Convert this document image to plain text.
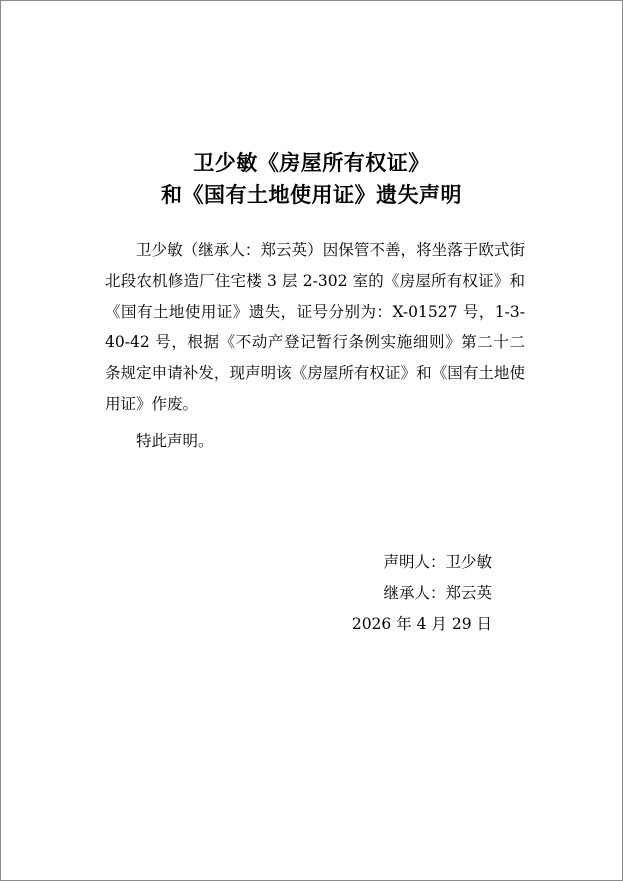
卫少敏《房屋所有权证》
和《国有土地使用证》遗失声明

卫少敏（继承人：郑云英）因保管不善，将坐落于欧式街北段农机修造厂住宅楼 3 层 2-302 室的《房屋所有权证》和《国有土地使用证》遗失，证号分别为：X-01527 号，1-3-40-42 号，根据《不动产登记暂行条例实施细则》第二十二条规定申请补发，现声明该《房屋所有权证》和《国有土地使用证》作废。

特此声明。

声明人：卫少敏
继承人：郑云英
2026 年 4 月 29 日
